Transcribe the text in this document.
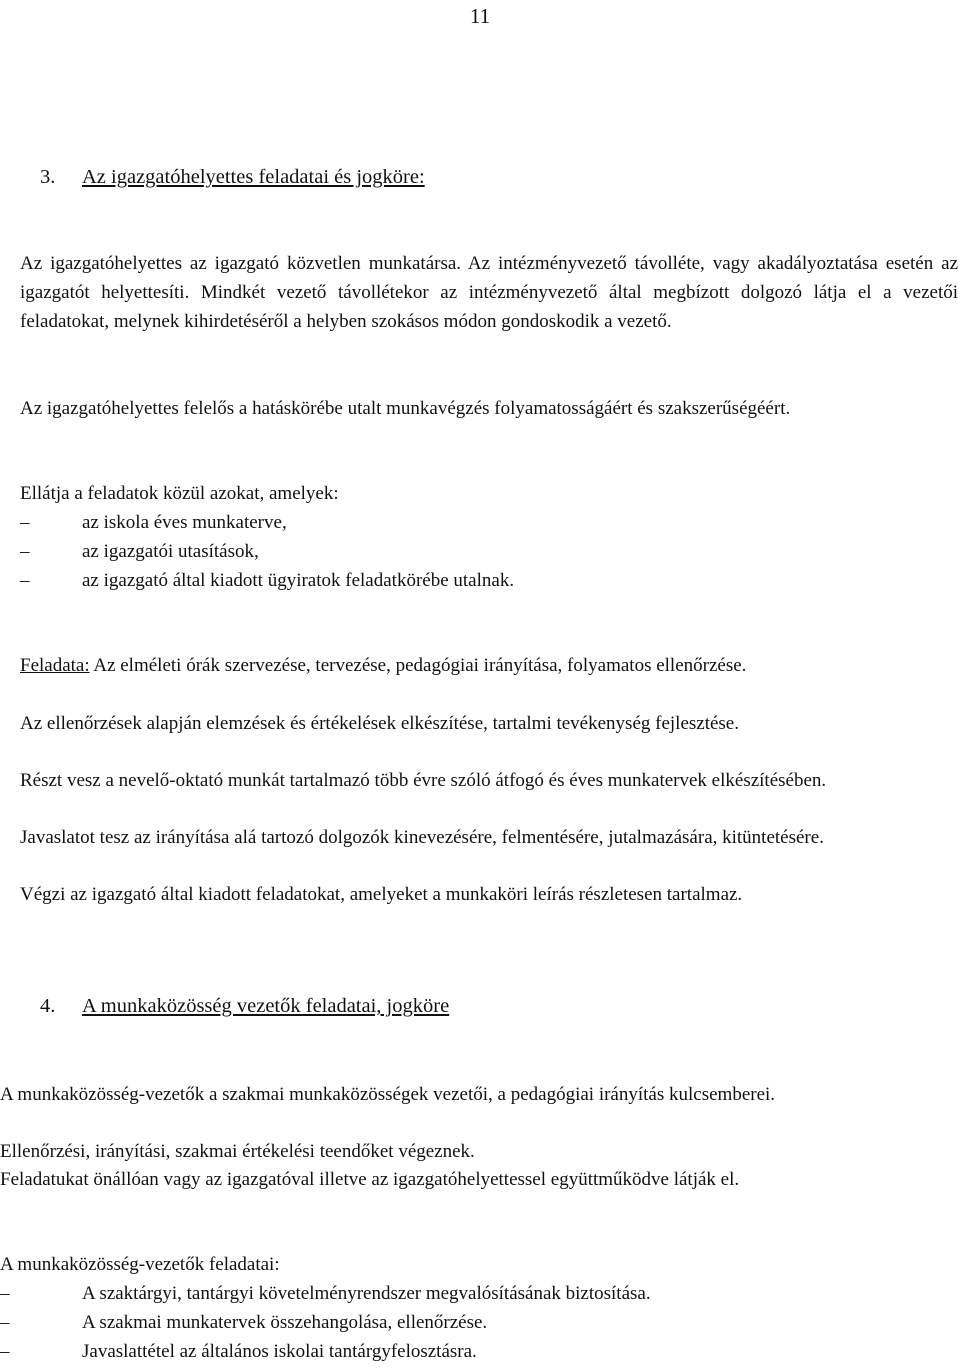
11
3. Az igazgatóhelyettes feladatai és jogköre:
Az igazgatóhelyettes az igazgató közvetlen munkatársa. Az intézményvezető távolléte, vagy akadályoztatása esetén az igazgatót helyettesíti. Mindkét vezető távollétekor az intézményvezető által megbízott dolgozó látja el a vezetői feladatokat, melynek kihirdetéséről a helyben szokásos módon gondoskodik a vezető.
Az igazgatóhelyettes felelős a hatáskörébe utalt munkavégzés folyamatosságáért és szakszerűségéért.
Ellátja a feladatok közül azokat, amelyek:
–	az iskola éves munkaterve,
–	az igazgatói utasítások,
–	az igazgató által kiadott ügyiratok feladatkörébe utalnak.
Feladata: Az elméleti órák szervezése, tervezése, pedagógiai irányítása, folyamatos ellenőrzése.
Az ellenőrzések alapján elemzések és értékelések elkészítése, tartalmi tevékenység fejlesztése.
Részt vesz a nevelő-oktató munkát tartalmazó több évre szóló átfogó és éves munkatervek elkészítésében.
Javaslatot tesz az irányítása alá tartozó dolgozók kinevezésére, felmentésére, jutalmazására, kitüntetésére.
Végzi az igazgató által kiadott feladatokat, amelyeket a munkaköri leírás részletesen tartalmaz.
4. A munkaközösség vezetők feladatai, jogköre
A munkaközösség-vezetők a szakmai munkaközösségek vezetői, a pedagógiai irányítás kulcsemberei.
Ellenőrzési, irányítási, szakmai értékelési teendőket végeznek.
Feladatukat önállóan vagy az igazgatóval illetve az igazgatóhelyettessel együttműködve látják el.
A munkaközösség-vezetők feladatai:
–	A szaktárgyi, tantárgyi követelményrendszer megvalósításának biztosítása.
–	A szakmai munkatervek összehangolása, ellenőrzése.
–	Javaslattétel az általános iskolai tantárgyfelosztásra.
